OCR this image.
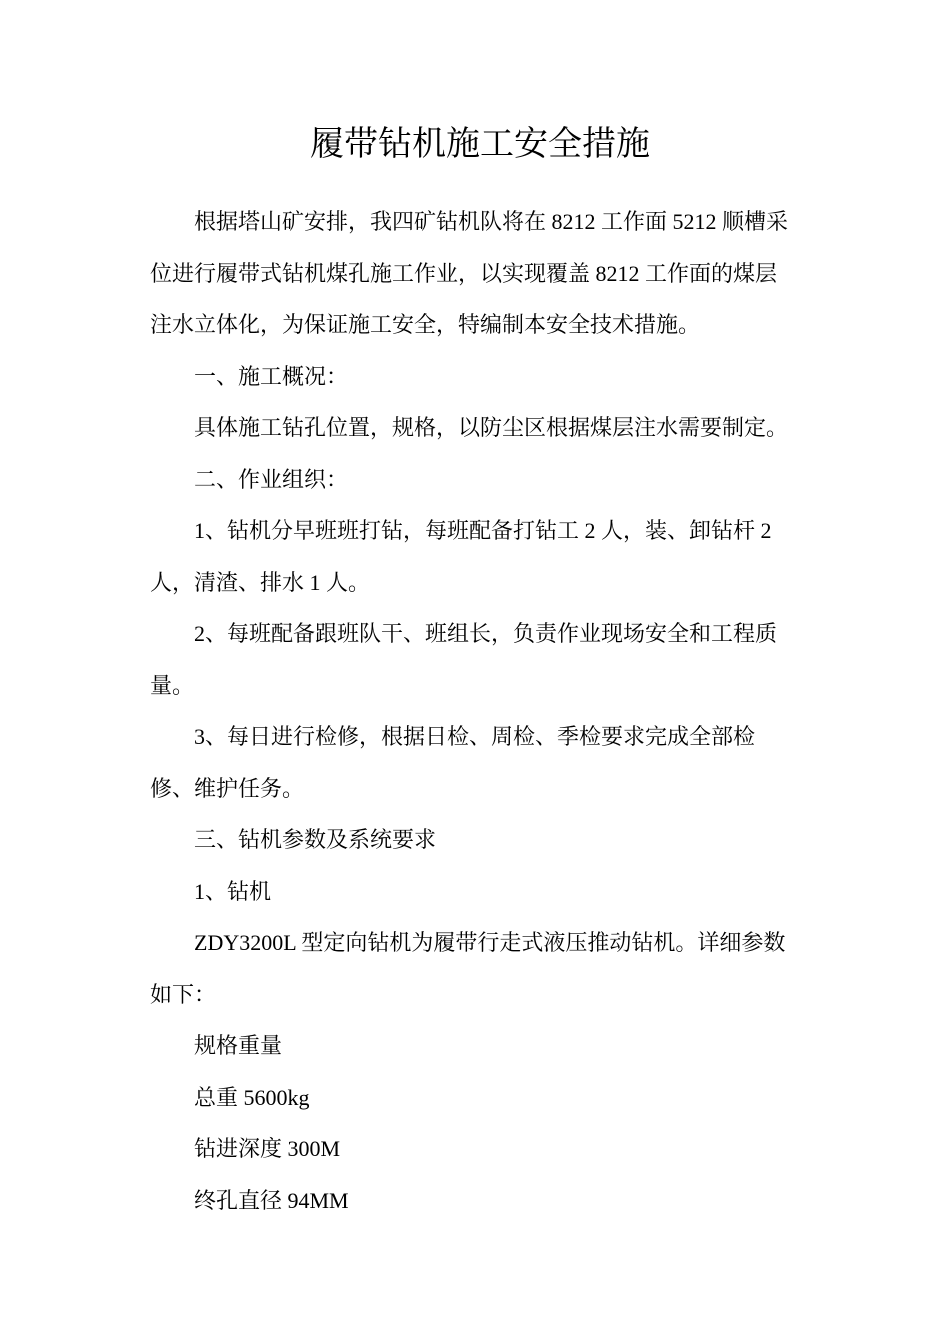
履带钻机施工安全措施

根据塔山矿安排，我四矿钻机队将在 8212 工作面 5212 顺槽采

位进行履带式钻机煤孔施工作业，以实现覆盖 8212 工作面的煤层

注水立体化，为保证施工安全，特编制本安全技术措施。

一、施工概况：

具体施工钻孔位置，规格，以防尘区根据煤层注水需要制定。

二、作业组织：

1、钻机分早班班打钻，每班配备打钻工 2 人，装、卸钻杆 2

人，清渣、排水 1 人。

2、每班配备跟班队干、班组长，负责作业现场安全和工程质

量。

3、每日进行检修，根据日检、周检、季检要求完成全部检

修、维护任务。

三、钻机参数及系统要求

1、钻机

ZDY3200L 型定向钻机为履带行走式液压推动钻机。详细参数

如下：

规格重量

总重 5600kg

钻进深度 300M

终孔直径 94MM
